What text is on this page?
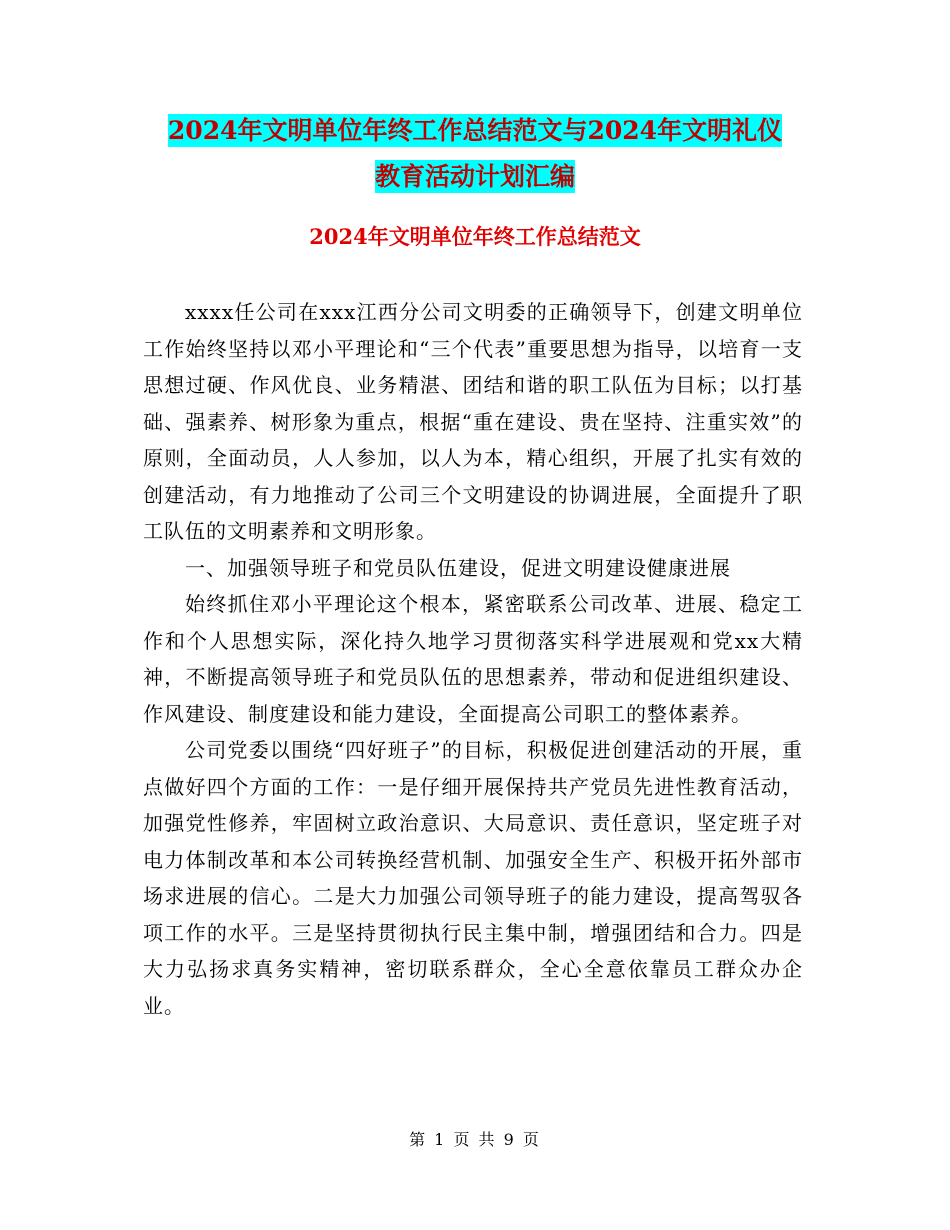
2024年文明单位年终工作总结范文与2024年文明礼仪
教育活动计划汇编
2024年文明单位年终工作总结范文

xxxx任公司在xxx江西分公司文明委的正确领导下，创建文明单位工作始终坚持以邓小平理论和“三个代表”重要思想为指导，以培育一支思想过硬、作风优良、业务精湛、团结和谐的职工队伍为目标；以打基础、强素养、树形象为重点，根据“重在建设、贵在坚持、注重实效”的原则，全面动员，人人参加，以人为本，精心组织，开展了扎实有效的创建活动，有力地推动了公司三个文明建设的协调进展，全面提升了职工队伍的文明素养和文明形象。

一、加强领导班子和党员队伍建设，促进文明建设健康进展

始终抓住邓小平理论这个根本，紧密联系公司改革、进展、稳定工作和个人思想实际，深化持久地学习贯彻落实科学进展观和党xx大精神，不断提高领导班子和党员队伍的思想素养，带动和促进组织建设、作风建设、制度建设和能力建设，全面提高公司职工的整体素养。

公司党委以围绕“四好班子”的目标，积极促进创建活动的开展，重点做好四个方面的工作：一是仔细开展保持共产党员先进性教育活动，加强党性修养，牢固树立政治意识、大局意识、责任意识，坚定班子对电力体制改革和本公司转换经营机制、加强安全生产、积极开拓外部市场求进展的信心。二是大力加强公司领导班子的能力建设，提高驾驭各项工作的水平。三是坚持贯彻执行民主集中制，增强团结和合力。四是大力弘扬求真务实精神，密切联系群众，全心全意依靠员工群众办企业。

第 1 页 共 9 页
